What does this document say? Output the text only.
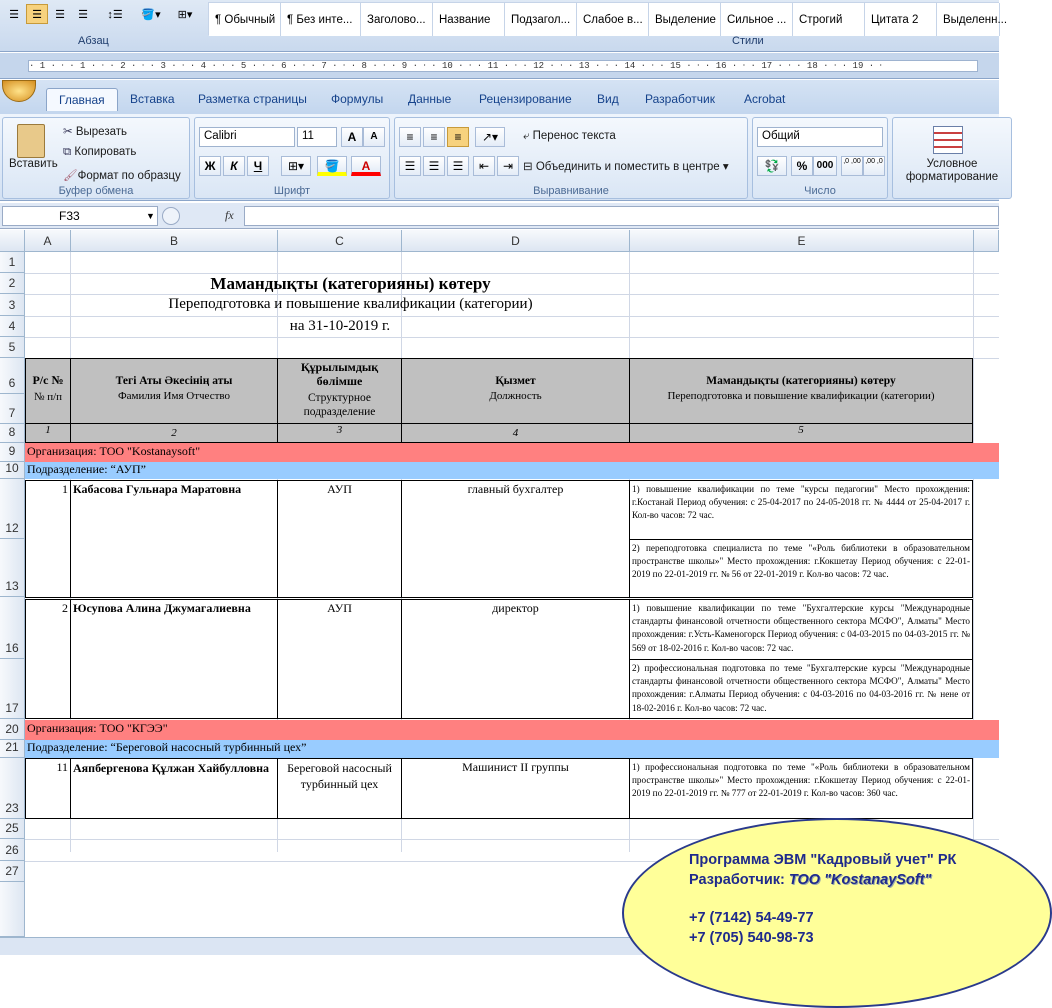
☰	☰	☰	☰	↕☰	🪣▾	⊞▾
Абзац
¶ Обычный	¶ Без инте...	Заголово...	Название	Подзагол...	Слабое в...	Выделение Сильное ...	Строгий	Цитата 2	Выделенн...
Стили
· 1 · ⸱ · 1 · ⸱ · 2 · ⸱ · 3 · ⸱ · 4 · ⸱ · 5 · ⸱ · 6 · ⸱ · 7 · ⸱ · 8 · ⸱ · 9 · ⸱ · 10 · ⸱ · 11 · ⸱ · 12 · ⸱ · 13 · ⸱ · 14 · ⸱ · 15 · ⸱ · 16 · ⸱ · 17 · ⸱ · 18 · ⸱ · 19 · ⸱
Главная	Вставка Разметка страницы Формулы Данные Рецензирование Вид Разработчик Acrobat
Вставить
✂ Вырезать
⧉ Копировать
🖌Формат по образцу
Буфер обмена
Calibri	11	A	A
Ж	К	Ч	⊞▾	🪣	A
Шрифт
≡	≡	≡	↗▾	⤶ Перенос текста
☰	☰	☰	⇤	⇥ ⊟ Объединить и поместить в центре ▾
Выравнивание
Общий
💱	% 000	,0 ,00 ,00 ,0
Число
Условное форматирование
F33	▼	fx
A	B	C	D	E
1
2
3
4
5
6
7
8
9
10
12
13
16
17
20
21
23
25
26
27
Мамандықты (категорияны) көтеру
Переподготовка и повышение квалификации (категории)
на 31-10-2019 г.
Р/с №
№ п/п
Тегі Аты Әкесінің аты
Фамилия Имя Отчество
Құрылымдық бөлімше
Структурное подразделение
Қызмет
Должность
Мамандықты (категорияны) көтеру
Переподготовка и повышение квалификации (категории)
1	2	3	4	5
Организация: ТОО "Kostanaysoft"
Подразделение: “АУП”
1 Кабасова Гульнара Маратовна	АУП	главный бухгалтер	1) повышение квалификации по теме "курсы педагогии" Место прохождения: г.Костанай Период обучения: с 25-04-2017 по 24-05-2018 гг. № 4444 от 25-04-2017 г. Кол-во часов: 72 час.
2) переподготовка специалиста по теме "«Роль библиотеки в образовательном пространстве школы»" Место прохождения: г.Кокшетау Период обучения: с 22-01-2019 по 22-01-2019 гг. № 56 от 22-01-2019 г. Кол-во часов: 72 час.
2 Юсупова Алина Джумагалиевна	АУП	директор	1) повышение квалификации по теме "Бухгалтерские курсы "Международные стандарты финансовой отчетности общественного сектора МСФО", Алматы" Место прохождения: г.Усть-Каменогорск Период обучения: с 04-03-2015 по 04-03-2015 гг. № 569 от 18-02-2016 г. Кол-во часов: 72 час.
2) профессиональная подготовка по теме "Бухгалтерские курсы "Международные стандарты финансовой отчетности общественного сектора МСФО", Алматы" Место прохождения: г.Алматы Период обучения: с 04-03-2016 по 04-03-2016 гг. № нене от 18-02-2016 г. Кол-во часов: 72 час.
Организация: ТОО "КГЭЭ"
Подразделение: “Береговой насосный турбинный цех”
11 Аяпбергенова Құлжан Хайбулловна	Береговой насосный турбинный цех
Машинист II группы	1) профессиональная подготовка по теме "«Роль библиотеки в образовательном пространстве школы»" Место прохождения: г.Кокшетау Период обучения: с 22-01-2019 по 22-01-2019 гг. № 777 от 22-01-2019 г. Кол-во часов: 360 час.
Программа ЭВМ "Кадровый учет" РК
Разработчик: ТОО "KostanaySoft"
+7 (7142) 54-49-77
+7 (705) 540-98-73
